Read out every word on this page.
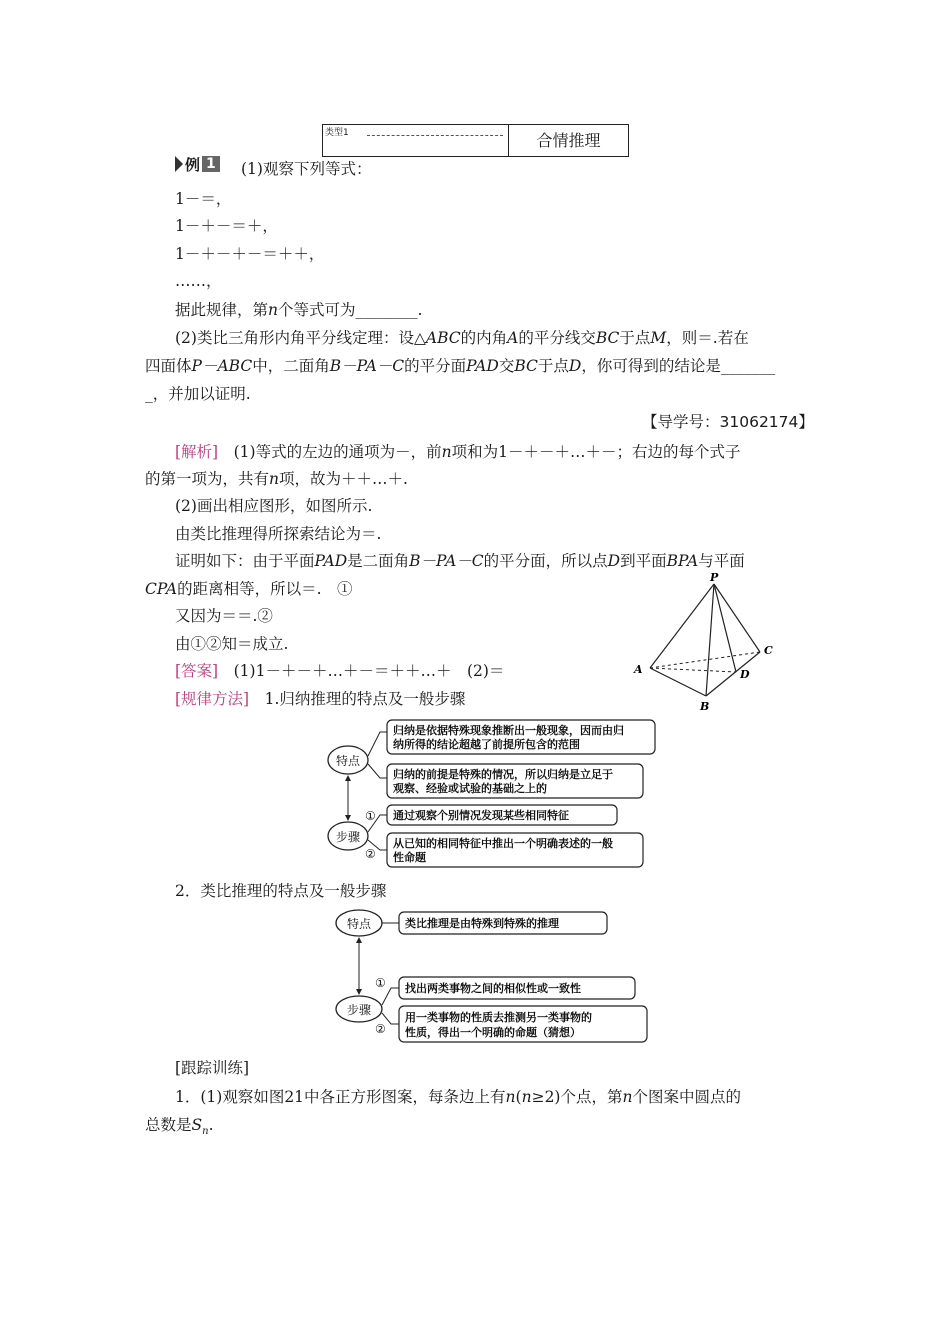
类型1	合情推理
例 1 (1)观察下列等式：
1－＝，
1－＋－＝＋，
1－＋－＋－＝＋＋，
……，
据此规律，第n个等式可为________.
(2)类比三角形内角平分线定理：设△ABC的内角A的平分线交BC于点M，则＝.若在
四面体P－ABC中，二面角B－PA－C的平分面PAD交BC于点D，你可得到的结论是_______
_，并加以证明.
【导学号：31062174】
[解析]　 (1)等式的左边的通项为－，前n项和为1－＋－＋…＋－；右边的每个式子
的第一项为，共有n项，故为＋＋…＋.
(2)画出相应图形，如图所示.
由类比推理得所探索结论为＝.
证明如下：由于平面PAD是二面角B－PA－C的平分面，所以点D到平面BPA与平面
CPA的距离相等，所以＝.　①
又因为＝＝.②
由①②知＝成立.
[答案]　 (1)1－＋－＋…＋－＝＋＋…＋　(2)＝
[规律方法]　 1.归纳推理的特点及一般步骤
P
A
B
C
D
特点
步骤
归纳是依据特殊现象推断出一般现象，因而由归
纳所得的结论超越了前提所包含的范围
归纳的前提是特殊的情况，所以归纳是立足于
观察、经验或试验的基础之上的
①
②
通过观察个别情况发现某些相同特征
从已知的相同特征中推出一个明确表述的一般
性命题
2．类比推理的特点及一般步骤
特点
步骤
类比推理是由特殊到特殊的推理
①
②
找出两类事物之间的相似性或一致性
用一类事物的性质去推测另一类事物的
性质，得出一个明确的命题（猜想）
[跟踪训练]
1．(1)观察如图21中各正方形图案，每条边上有n(n≥2)个点，第n个图案中圆点的
总数是$S_n$.
